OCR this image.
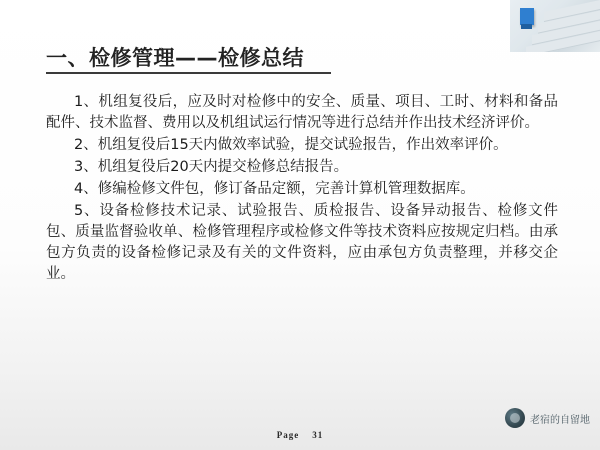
一、检修管理——检修总结

1、机组复役后，应及时对检修中的安全、质量、项目、工时、材料和备品配件、技术监督、费用以及机组试运行情况等进行总结并作出技术经济评价。

2、机组复役后15天内做效率试验，提交试验报告，作出效率评价。

3、机组复役后20天内提交检修总结报告。

4、修编检修文件包，修订备品定额，完善计算机管理数据库。

5、设备检修技术记录、试验报告、质检报告、设备异动报告、检修文件包、质量监督验收单、检修管理程序或检修文件等技术资料应按规定归档。由承包方负责的设备检修记录及有关的文件资料，应由承包方负责整理，并移交企业。

Page 31
老宿的自留地
